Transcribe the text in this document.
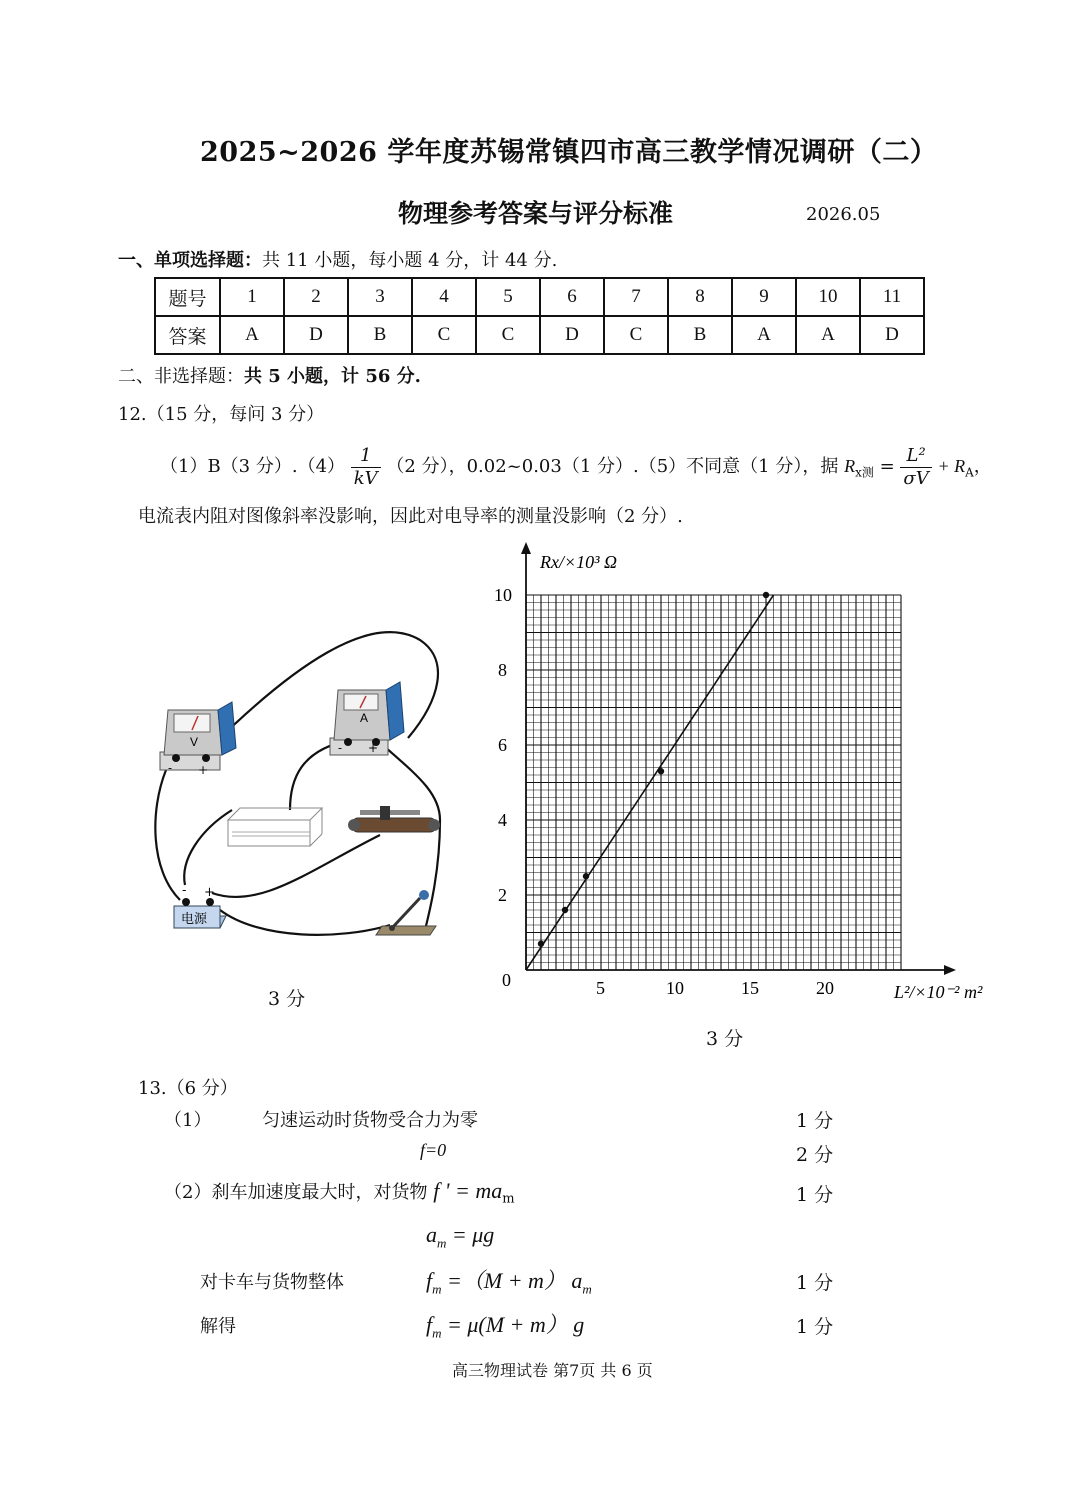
2025~2026 学年度苏锡常镇四市高三教学情况调研（二）
物理参考答案与评分标准	2026.05
一、单项选择题：共 11 小题，每小题 4 分，计 44 分.
题号	1	2	3	4	5	6	7	8	9	10	11
答案	A	D	B	C	C	D	C	B	A	A	D
二、非选择题：共 5 小题，计 56 分.
12.（15 分，每问 3 分）
（1）B（3 分）$.(4) \frac{1}{kV} (2$ 分），0.02~0.03（1 分）.（5）不同意（1 分），据 $R_{x测} = \frac{\text{L²}}{\sigma V} + R_A$，
电流表内阻对图像斜率没影响，因此对电导率的测量没影响（2 分）.
V
- +
A
- +
电源
- +
3 分	5	10	15	20
2
4
6
8
10
Rx/×10³ Ω
L²/×10⁻² m²
0
3 分
13.（6 分）
（1）	匀速运动时货物受合力为零	1 分
f=0	2 分
（2）刹车加速度最大时，对货物 f ' = $ma_m$	1 分
$a_m = \mu g$
对卡车与货物整体	$f_m =(M + m)$ $a_m$	1 分
解得	$f_m = \mu(M + m)$ g	1 分
高三物理试卷 第7页 共 6 页
